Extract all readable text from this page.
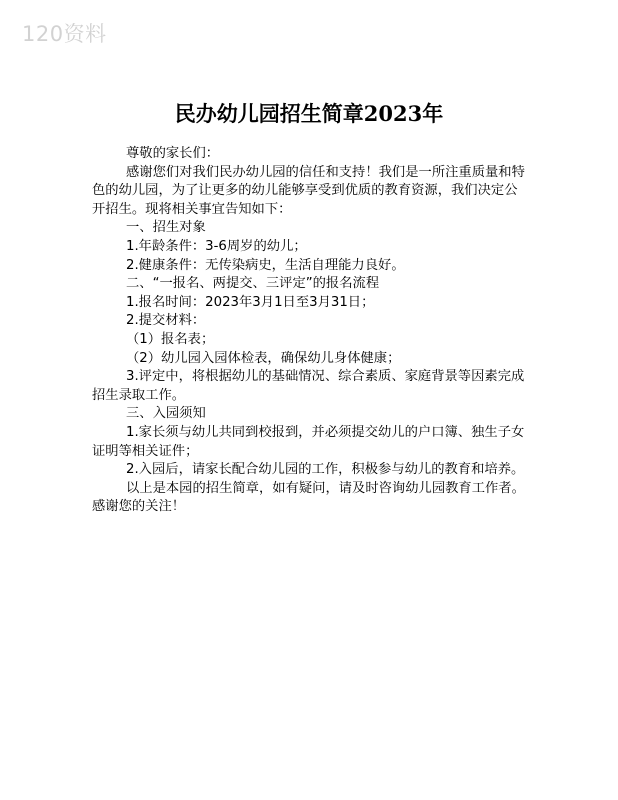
120资料
民办幼儿园招生简章2023年

尊敬的家长们：

感谢您们对我们民办幼儿园的信任和支持！我们是一所注重质量和特色的幼儿园，为了让更多的幼儿能够享受到优质的教育资源，我们决定公开招生。现将相关事宜告知如下：

一、招生对象

1.年龄条件：3-6周岁的幼儿；

2.健康条件：无传染病史，生活自理能力良好。

二、“一报名、两提交、三评定”的报名流程

1.报名时间：2023年3月1日至3月31日；

2.提交材料：

（1）报名表；

（2）幼儿园入园体检表，确保幼儿身体健康；

3.评定中，将根据幼儿的基础情况、综合素质、家庭背景等因素完成招生录取工作。

三、入园须知

1.家长须与幼儿共同到校报到，并必须提交幼儿的户口簿、独生子女证明等相关证件；

2.入园后，请家长配合幼儿园的工作，积极参与幼儿的教育和培养。

以上是本园的招生简章，如有疑问，请及时咨询幼儿园教育工作者。感谢您的关注！
